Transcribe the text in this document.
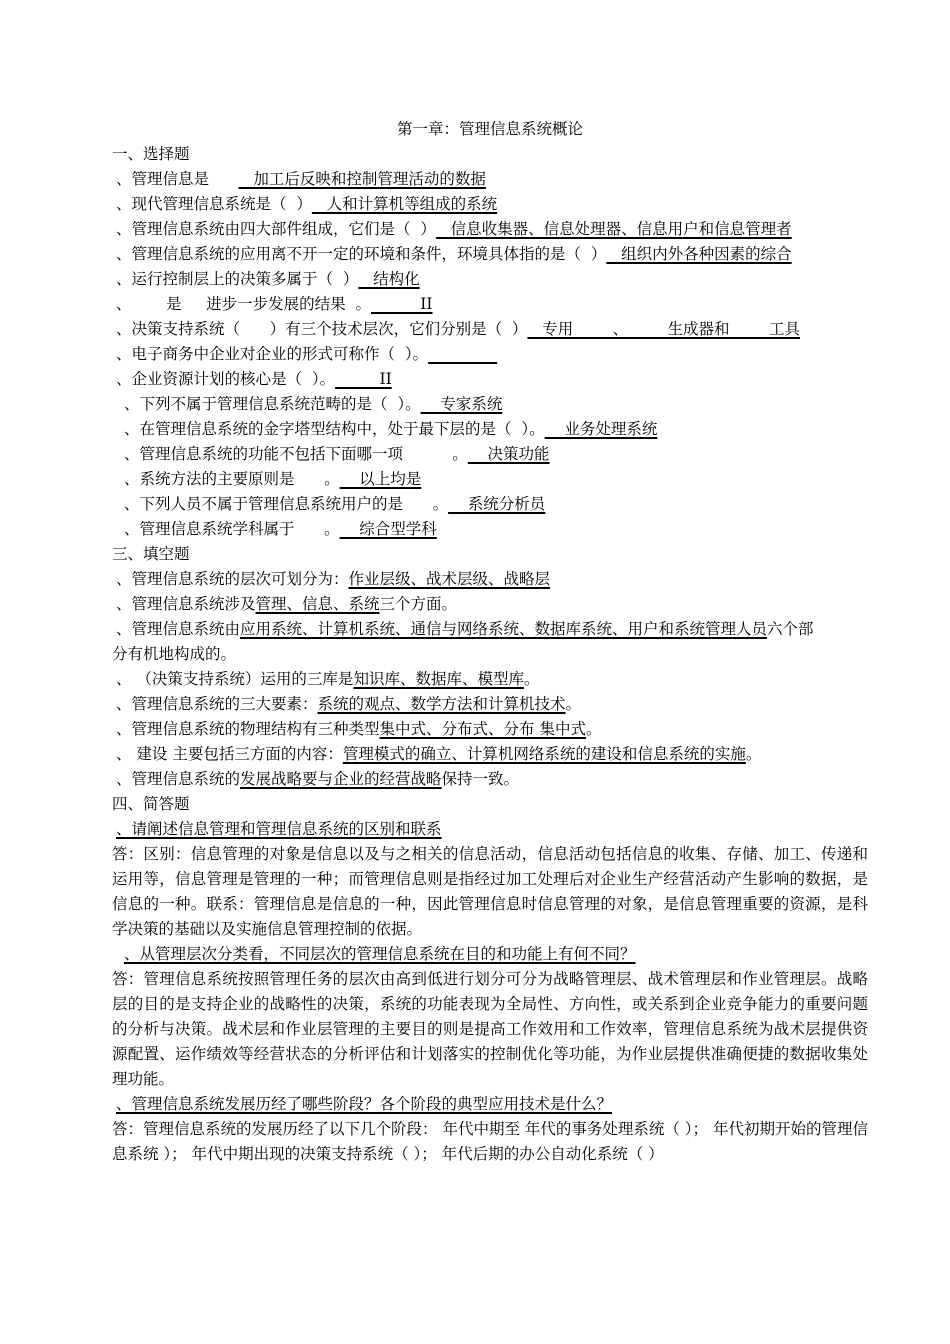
第一章：管理信息系统概论
一、选择题
、管理信息是         加工后反映和控制管理活动的数据
、现代管理信息系统是（  ）   人和计算机等组成的系统
、管理信息系统由四大部件组成，它们是（  ）   信息收集器、信息处理器、信息用户和信息管理者
、管理信息系统的应用离不开一定的环境和条件，环境具体指的是（  ）   组织内外各种因素的综合
、运行控制层上的决策多属于（  ）   结构化
、       是     进步一步发展的结果  。          II
、决策支持系统（      ）有三个技术层次，它们分别是（  ）   专用        、        生成器和        工具
、电子商务中企业对企业的形式可称作（  ）。
、企业资源计划的核心是（  ）。         II
、下列不属于管理信息系统范畴的是（  ）。    专家系统
、在管理信息系统的金字塔型结构中，处于最下层的是（  ）。    业务处理系统
、管理信息系统的功能不包括下面哪一项          。    决策功能
、系统方法的主要原则是      。    以上均是
、下列人员不属于管理信息系统用户的是      。    系统分析员
、管理信息系统学科属于      。    综合型学科
三、填空题
、管理信息系统的层次可划分为：作业层级、战术层级、战略层
、管理信息系统涉及管理、信息、系统三个方面。
、管理信息系统由应用系统、计算机系统、通信与网络系统、数据库系统、用户和系统管理人员六个部
分有机地构成的。
、 （决策支持系统）运用的三库是知识库、数据库、模型库。
、管理信息系统的三大要素：系统的观点、数学方法和计算机技术。
、管理信息系统的物理结构有三种类型集中式、分布式、分布 集中式。
、 建设 主要包括三方面的内容：管理模式的确立、计算机网络系统的建设和信息系统的实施。
、管理信息系统的发展战略要与企业的经营战略保持一致。
四、简答题
、请阐述信息管理和管理信息系统的区别和联系
答：区别：信息管理的对象是信息以及与之相关的信息活动，信息活动包括信息的收集、存储、加工、传递和运用等，信息管理是管理的一种；而管理信息则是指经过加工处理后对企业生产经营活动产生影响的数据，是信息的一种。联系：管理信息是信息的一种，因此管理信息时信息管理的对象，是信息管理重要的资源，是科学决策的基础以及实施信息管理控制的依据。
、从管理层次分类看，不同层次的管理信息系统在目的和功能上有何不同？
答：管理信息系统按照管理任务的层次由高到低进行划分可分为战略管理层、战术管理层和作业管理层。战略层的目的是支持企业的战略性的决策，系统的功能表现为全局性、方向性，或关系到企业竞争能力的重要问题的分析与决策。战术层和作业层管理的主要目的则是提高工作效用和工作效率，管理信息系统为战术层提供资源配置、运作绩效等经营状态的分析评估和计划落实的控制优化等功能，为作业层提供准确便捷的数据收集处理功能。
、管理信息系统发展历经了哪些阶段？各个阶段的典型应用技术是什么？
答：管理信息系统的发展历经了以下几个阶段： 年代中期至 年代的事务处理系统（ ）； 年代初期开始的管理信息系统 ）； 年代中期出现的决策支持系统（ ）； 年代后期的办公自动化系统（ ）
